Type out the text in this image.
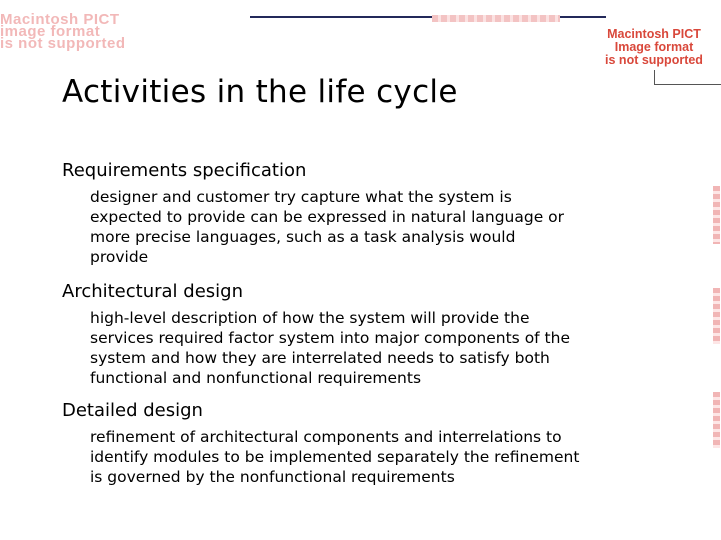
Macintosh PICT
image format
is not supported
Macintosh PICT
Image format
is not supported
Activities in the life cycle
Requirements specification
designer and customer try capture what the system is
expected to provide can be expressed in natural language or
more precise languages, such as a task analysis would
provide
Architectural design
high-level description of how the system will provide the
services required factor system into major components of the
system and how they are interrelated needs to satisfy both
functional and nonfunctional requirements
Detailed design
refinement of architectural components and interrelations to
identify modules to be implemented separately the refinement
is governed by the nonfunctional requirements
